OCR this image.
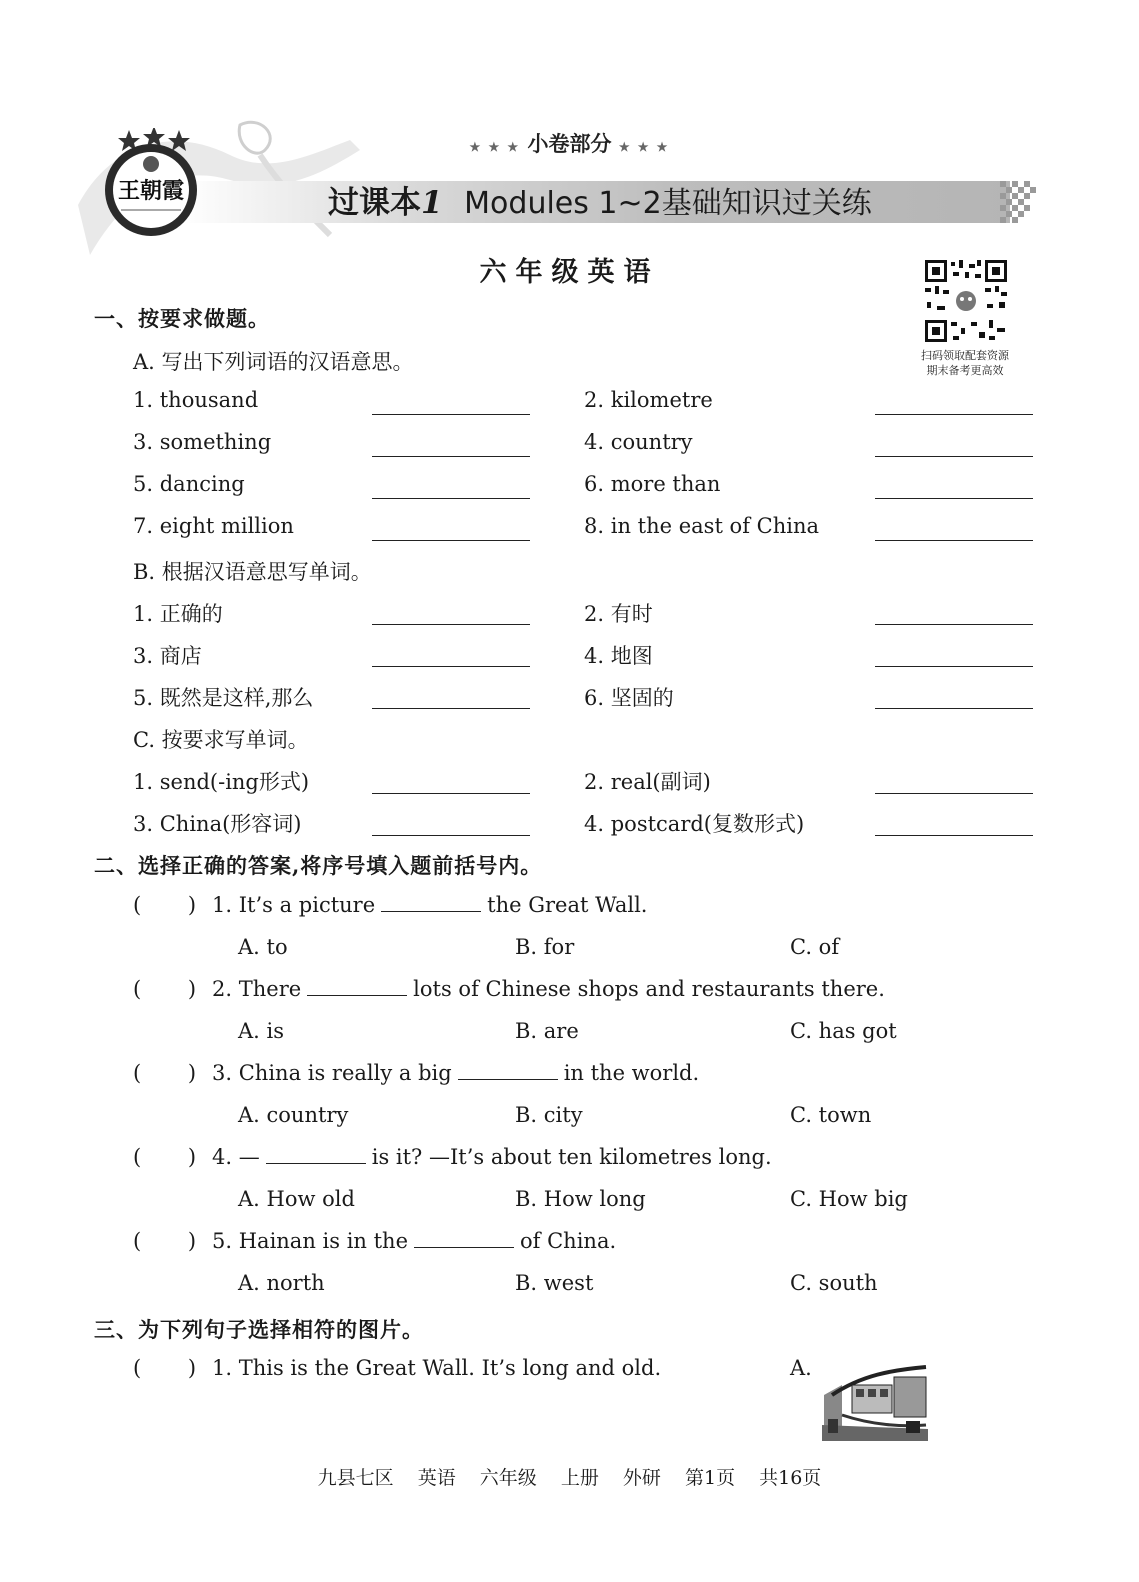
★ ★ ★ 小卷部分 ★ ★ ★
过课本1 Modules 1~2基础知识过关练
王朝霞
六年级英语
扫码领取配套资源
期末备考更高效
一、按要求做题。
A. 写出下列词语的汉语意思。
1. thousand	2. kilometre
3. something	4. country
5. dancing	6. more than
7. eight million	8. in the east of China
B. 根据汉语意思写单词。
1. 正确的	2. 有时
3. 商店	4. 地图
5. 既然是这样,那么	6. 坚固的
C. 按要求写单词。
1. send(-ing形式)	2. real(副词)
3. China(形容词)	4. postcard(复数形式)
二、选择正确的答案,将序号填入题前括号内。
(       ) 1. It’s a picture	the Great Wall.
A. to	B. for	C. of
(       ) 2. There	lots of Chinese shops and restaurants there.
A. is	B. are	C. has got
(       ) 3. China is really a big	in the world.
A. country	B. city	C. town
(       ) 4. —	is it? —It’s about ten kilometres long.
A. How old	B. How long	C. How big
(       ) 5. Hainan is in the	of China.
A. north	B. west	C. south
三、为下列句子选择相符的图片。
(       ) 1. This is the Great Wall. It’s long and old.	A.
九县七区 英语 六年级 上册 外研 第1页 共16页
